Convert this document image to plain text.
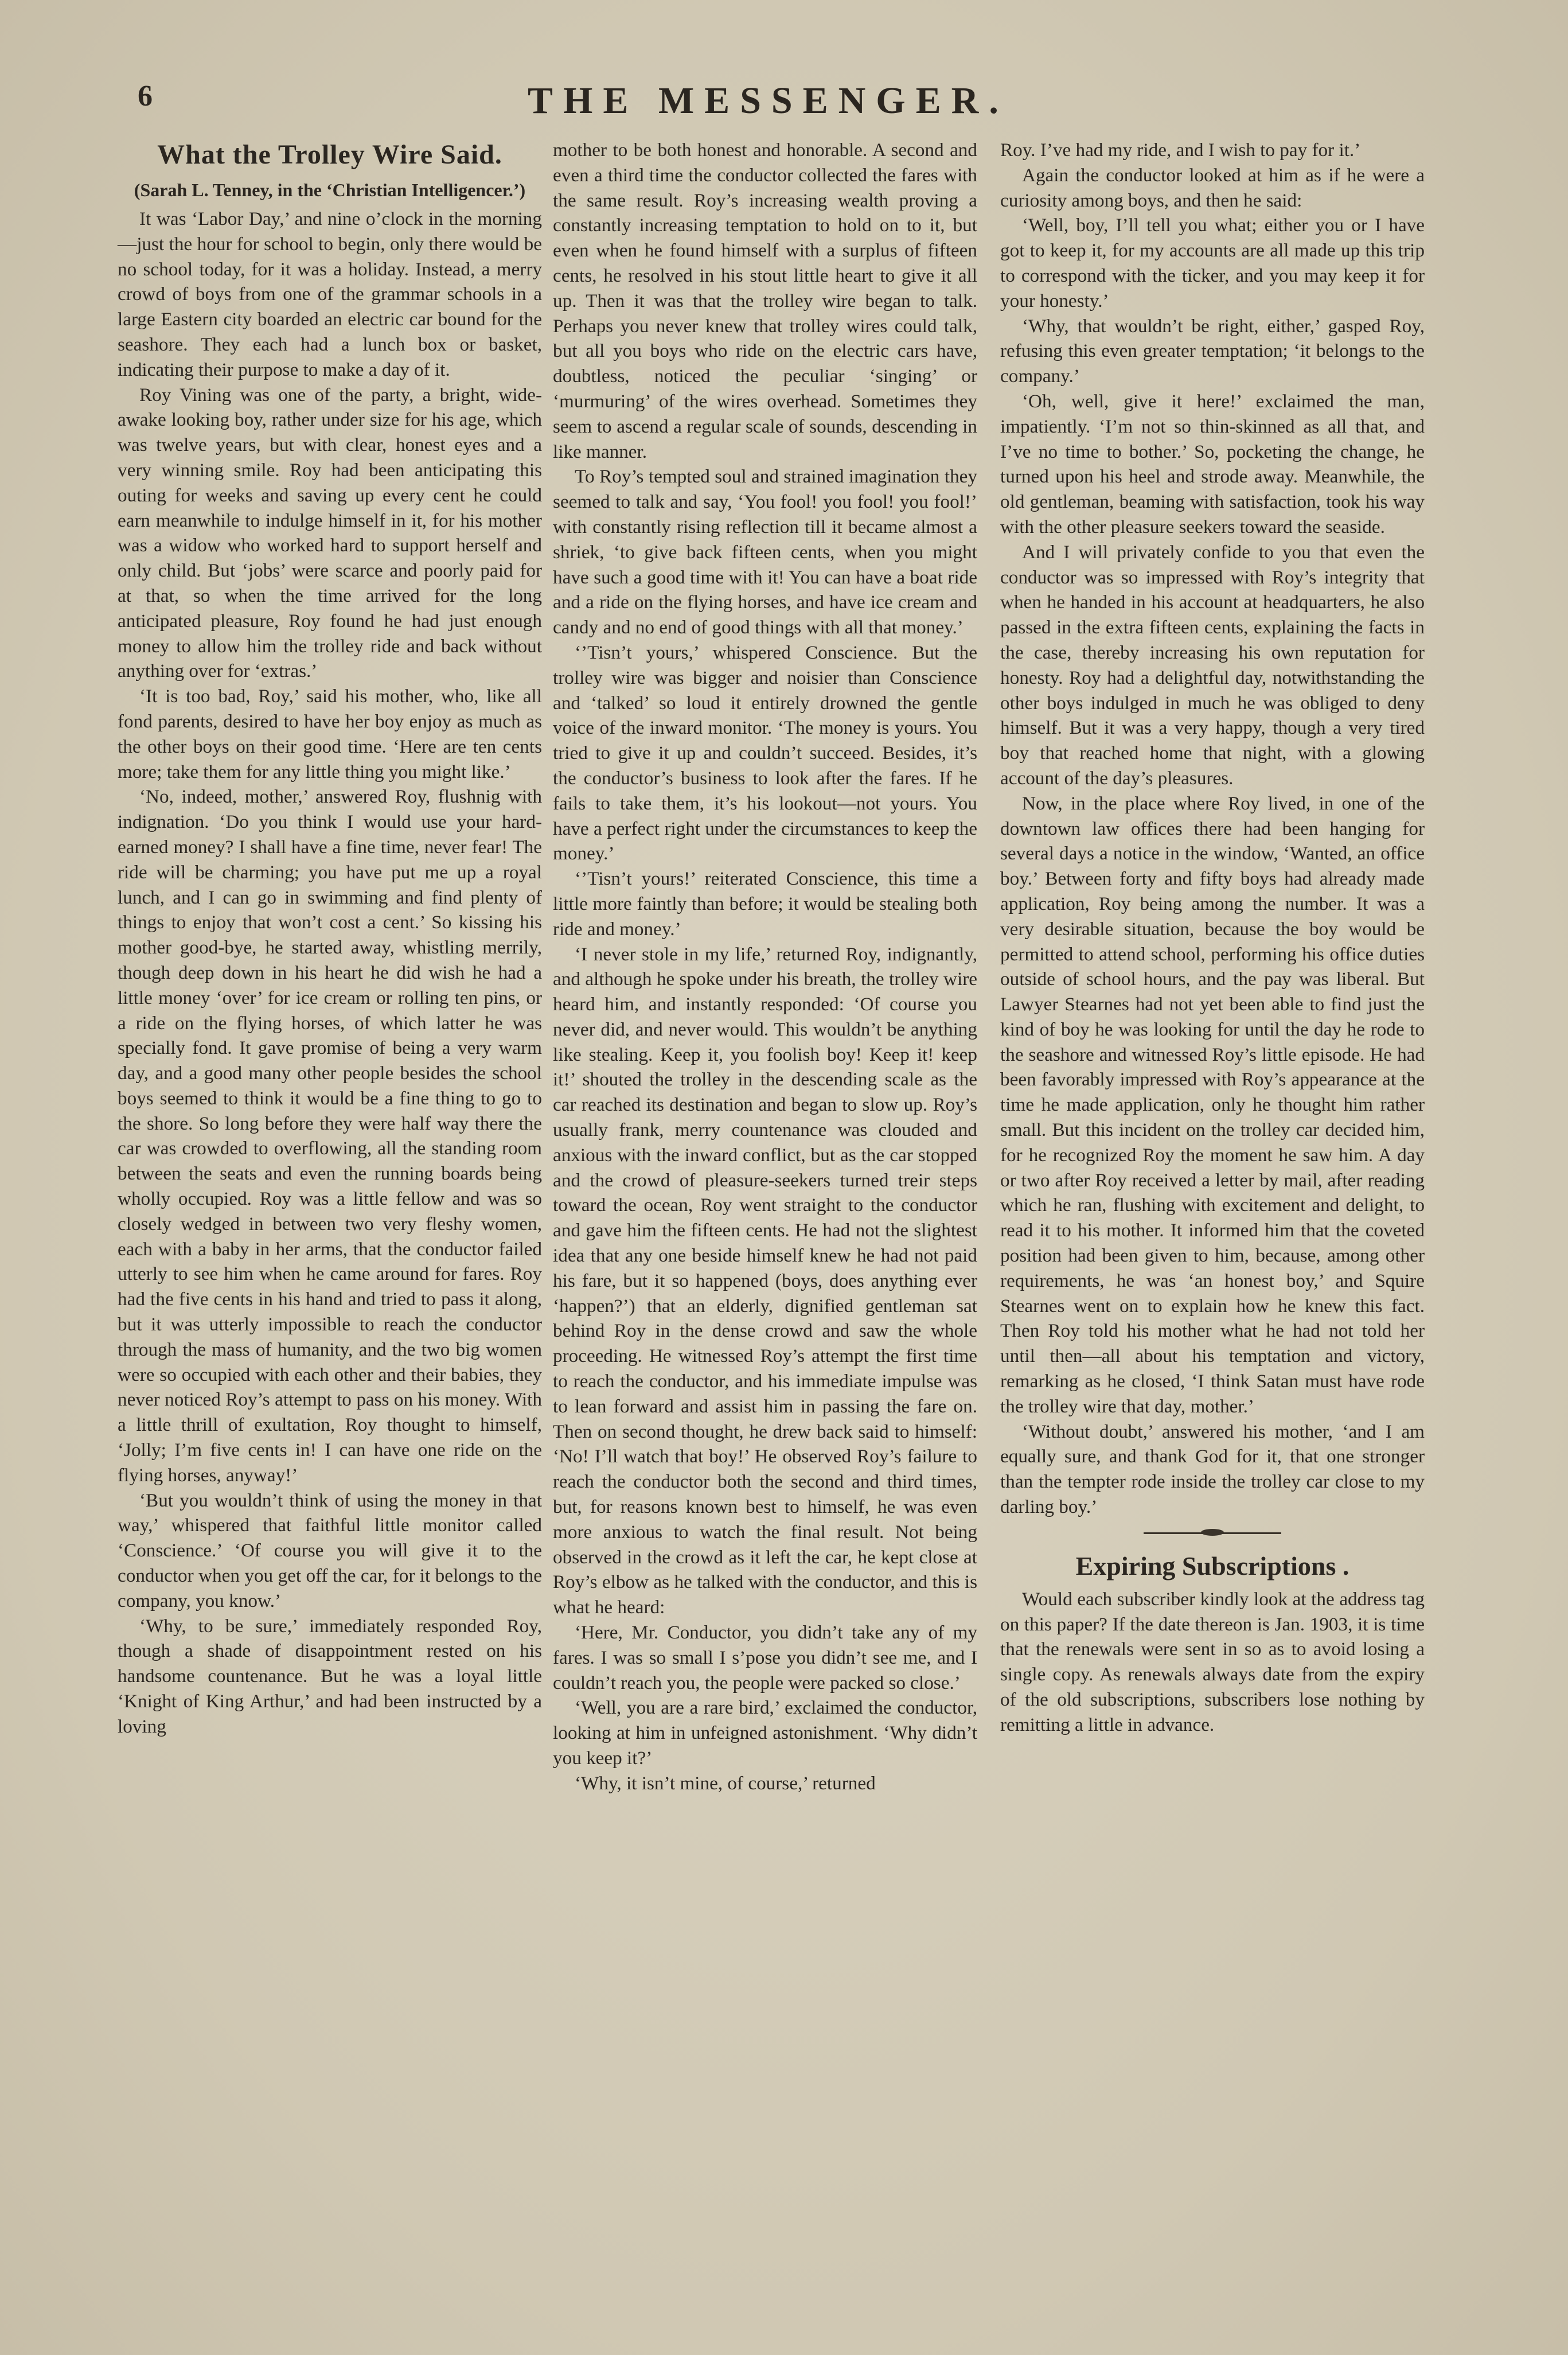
6	THE MESSENGER.
What the Trolley Wire Said.
(Sarah L. Tenney, in the ‘Christian Intelligencer.’)

It was ‘Labor Day,’ and nine o’clock in the morning—just the hour for school to begin, only there would be no school today, for it was a holiday. Instead, a merry crowd of boys from one of the grammar schools in a large Eastern city boarded an electric car bound for the seashore. They each had a lunch box or basket, indicating their purpose to make a day of it.

Roy Vining was one of the party, a bright, wide-awake looking boy, rather under size for his age, which was twelve years, but with clear, honest eyes and a very winning smile. Roy had been anticipating this outing for weeks and saving up every cent he could earn meanwhile to indulge himself in it, for his mother was a widow who worked hard to support herself and only child. But ‘jobs’ were scarce and poorly paid for at that, so when the time arrived for the long anticipated pleasure, Roy found he had just enough money to allow him the trolley ride and back without anything over for ‘extras.’

‘It is too bad, Roy,’ said his mother, who, like all fond parents, desired to have her boy enjoy as much as the other boys on their good time. ‘Here are ten cents more; take them for any little thing you might like.’

‘No, indeed, mother,’ answered Roy, flushnig with indignation. ‘Do you think I would use your hard-earned money? I shall have a fine time, never fear! The ride will be charming; you have put me up a royal lunch, and I can go in swimming and find plenty of things to enjoy that won’t cost a cent.’ So kissing his mother good-bye, he started away, whistling merrily, though deep down in his heart he did wish he had a little money ‘over’ for ice cream or rolling ten pins, or a ride on the flying horses, of which latter he was specially fond. It gave promise of being a very warm day, and a good many other people besides the school boys seemed to think it would be a fine thing to go to the shore. So long before they were half way there the car was crowded to overflowing, all the standing room between the seats and even the running boards being wholly occupied. Roy was a little fellow and was so closely wedged in between two very fleshy women, each with a baby in her arms, that the conductor failed utterly to see him when he came around for fares. Roy had the five cents in his hand and tried to pass it along, but it was utterly impossible to reach the conductor through the mass of humanity, and the two big women were so occupied with each other and their babies, they never noticed Roy’s attempt to pass on his money. With a little thrill of exultation, Roy thought to himself, ‘Jolly; I’m five cents in! I can have one ride on the flying horses, anyway!’

‘But you wouldn’t think of using the money in that way,’ whispered that faithful little monitor called ‘Conscience.’ ‘Of course you will give it to the conductor when you get off the car, for it belongs to the company, you know.’

‘Why, to be sure,’ immediately responded Roy, though a shade of disappointment rested on his handsome countenance. But he was a loyal little ‘Knight of King Arthur,’ and had been instructed by a loving

mother to be both honest and honorable. A second and even a third time the conductor collected the fares with the same result. Roy’s increasing wealth proving a constantly increasing temptation to hold on to it, but even when he found himself with a surplus of fifteen cents, he resolved in his stout little heart to give it all up. Then it was that the trolley wire began to talk. Perhaps you never knew that trolley wires could talk, but all you boys who ride on the electric cars have, doubtless, noticed the peculiar ‘singing’ or ‘murmuring’ of the wires overhead. Sometimes they seem to ascend a regular scale of sounds, descending in like manner.

To Roy’s tempted soul and strained imagination they seemed to talk and say, ‘You fool! you fool! you fool!’ with constantly rising reflection till it became almost a shriek, ‘to give back fifteen cents, when you might have such a good time with it! You can have a boat ride and a ride on the flying horses, and have ice cream and candy and no end of good things with all that money.’

‘’Tisn’t yours,’ whispered Conscience. But the trolley wire was bigger and noisier than Conscience and ‘talked’ so loud it entirely drowned the gentle voice of the inward monitor. ‘The money is yours. You tried to give it up and couldn’t succeed. Besides, it’s the conductor’s business to look after the fares. If he fails to take them, it’s his lookout—not yours. You have a perfect right under the circumstances to keep the money.’

‘’Tisn’t yours!’ reiterated Conscience, this time a little more faintly than before; it would be stealing both ride and money.’

‘I never stole in my life,’ returned Roy, indignantly, and although he spoke under his breath, the trolley wire heard him, and instantly responded: ‘Of course you never did, and never would. This wouldn’t be anything like stealing. Keep it, you foolish boy! Keep it! keep it!’ shouted the trolley in the descending scale as the car reached its destination and began to slow up. Roy’s usually frank, merry countenance was clouded and anxious with the inward conflict, but as the car stopped and the crowd of pleasure-seekers turned treir steps toward the ocean, Roy went straight to the conductor and gave him the fifteen cents. He had not the slightest idea that any one beside himself knew he had not paid his fare, but it so happened (boys, does anything ever ‘happen?’) that an elderly, dignified gentleman sat behind Roy in the dense crowd and saw the whole proceeding. He witnessed Roy’s attempt the first time to reach the conductor, and his immediate impulse was to lean forward and assist him in passing the fare on. Then on second thought, he drew back said to himself: ‘No! I’ll watch that boy!’ He observed Roy’s failure to reach the conductor both the second and third times, but, for reasons known best to himself, he was even more anxious to watch the final result. Not being observed in the crowd as it left the car, he kept close at Roy’s elbow as he talked with the conductor, and this is what he heard:

‘Here, Mr. Conductor, you didn’t take any of my fares. I was so small I s’pose you didn’t see me, and I couldn’t reach you, the people were packed so close.’

‘Well, you are a rare bird,’ exclaimed the conductor, looking at him in unfeigned astonishment. ‘Why didn’t you keep it?’

‘Why, it isn’t mine, of course,’ returned

Roy. I’ve had my ride, and I wish to pay for it.’

Again the conductor looked at him as if he were a curiosity among boys, and then he said:

‘Well, boy, I’ll tell you what; either you or I have got to keep it, for my accounts are all made up this trip to correspond with the ticker, and you may keep it for your honesty.’

‘Why, that wouldn’t be right, either,’ gasped Roy, refusing this even greater temptation; ‘it belongs to the company.’

‘Oh, well, give it here!’ exclaimed the man, impatiently. ‘I’m not so thin-skinned as all that, and I’ve no time to bother.’ So, pocketing the change, he turned upon his heel and strode away. Meanwhile, the old gentleman, beaming with satisfaction, took his way with the other pleasure seekers toward the seaside.

And I will privately confide to you that even the conductor was so impressed with Roy’s integrity that when he handed in his account at headquarters, he also passed in the extra fifteen cents, explaining the facts in the case, thereby increasing his own reputation for honesty. Roy had a delightful day, notwithstanding the other boys indulged in much he was obliged to deny himself. But it was a very happy, though a very tired boy that reached home that night, with a glowing account of the day’s pleasures.

Now, in the place where Roy lived, in one of the downtown law offices there had been hanging for several days a notice in the window, ‘Wanted, an office boy.’ Between forty and fifty boys had already made application, Roy being among the number. It was a very desirable situation, because the boy would be permitted to attend school, performing his office duties outside of school hours, and the pay was liberal. But Lawyer Stearnes had not yet been able to find just the kind of boy he was looking for until the day he rode to the seashore and witnessed Roy’s little episode. He had been favorably impressed with Roy’s appearance at the time he made application, only he thought him rather small. But this incident on the trolley car decided him, for he recognized Roy the moment he saw him. A day or two after Roy received a letter by mail, after reading which he ran, flushing with excitement and delight, to read it to his mother. It informed him that the coveted position had been given to him, because, among other requirements, he was ‘an honest boy,’ and Squire Stearnes went on to explain how he knew this fact. Then Roy told his mother what he had not told her until then—all about his temptation and victory, remarking as he closed, ‘I think Satan must have rode the trolley wire that day, mother.’

‘Without doubt,’ answered his mother, ‘and I am equally sure, and thank God for it, that one stronger than the tempter rode inside the trolley car close to my darling boy.’

Expiring Subscriptions .

Would each subscriber kindly look at the address tag on this paper? If the date thereon is Jan. 1903, it is time that the renewals were sent in so as to avoid losing a single copy. As renewals always date from the expiry of the old subscriptions, subscribers lose nothing by remitting a little in advance.
